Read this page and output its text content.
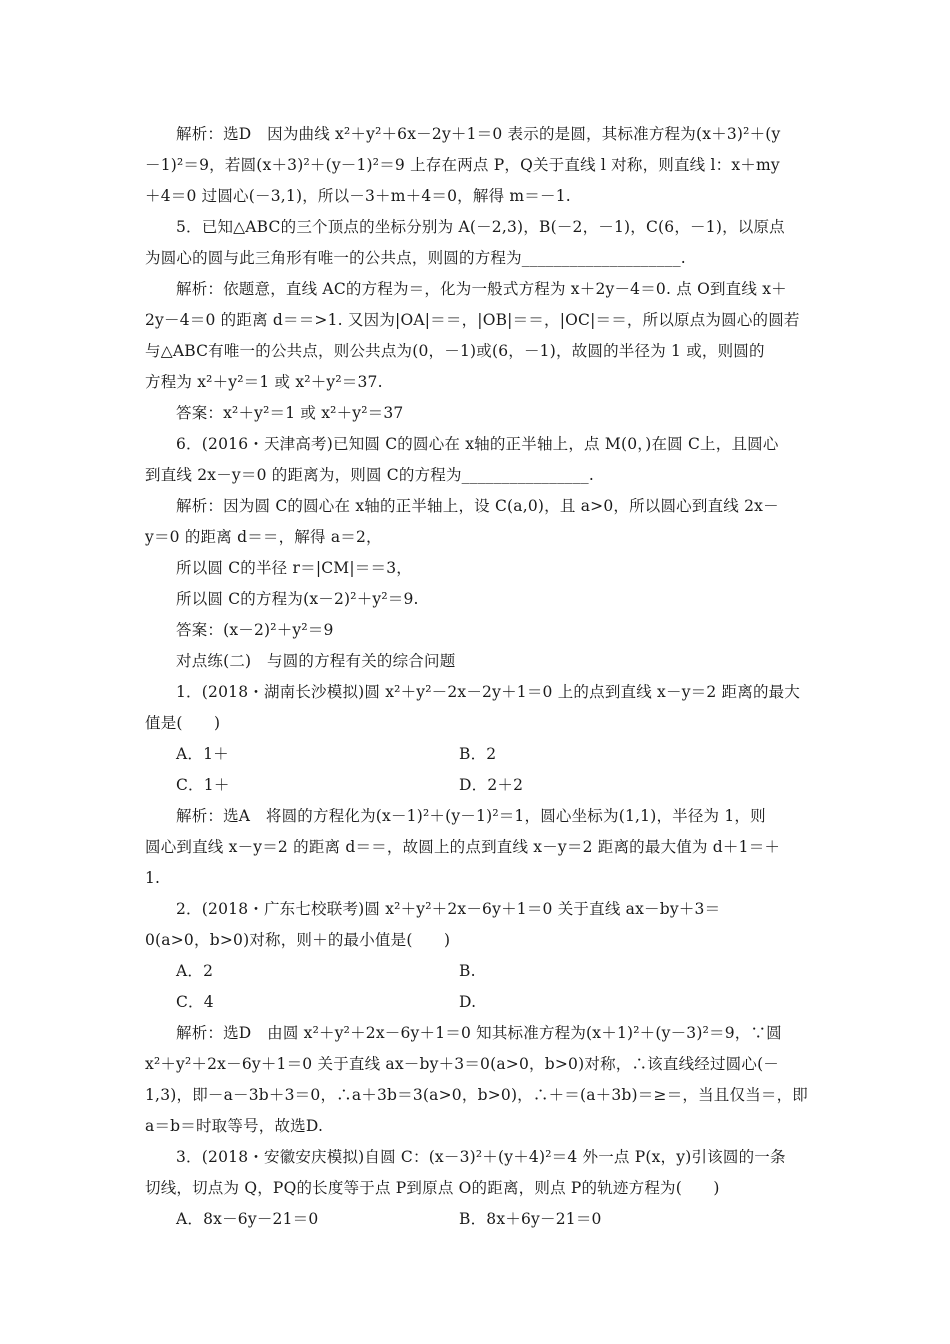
解析：选D　因为曲线 x²＋y²＋6x－2y＋1＝0 表示的是圆，其标准方程为(x＋3)²＋(y
－1)²＝9，若圆(x＋3)²＋(y－1)²＝9 上存在两点 P，Q关于直线 l 对称，则直线 l：x＋my
＋4＝0 过圆心(－3,1)，所以－3＋m＋4＝0，解得 m＝－1.
5．已知△ABC的三个顶点的坐标分别为 A(－2,3)，B(－2，－1)，C(6，－1)，以原点
为圆心的圆与此三角形有唯一的公共点，则圆的方程为____________________.
解析：依题意，直线 AC的方程为＝，化为一般式方程为 x＋2y－4＝0. 点 O到直线 x＋
2y－4＝0 的距离 d＝＝>1. 又因为|OA|＝＝，|OB|＝＝，|OC|＝＝，所以原点为圆心的圆若
与△ABC有唯一的公共点，则公共点为(0，－1)或(6，－1)，故圆的半径为 1 或，则圆的
方程为 x²＋y²＝1 或 x²＋y²＝37.
答案：x²＋y²＝1 或 x²＋y²＝37
6．(2016・天津高考)已知圆 C的圆心在 x轴的正半轴上，点 M(0，)在圆 C上，且圆心
到直线 2x－y＝0 的距离为，则圆 C的方程为________________.
解析：因为圆 C的圆心在 x轴的正半轴上，设 C(a,0)，且 a>0，所以圆心到直线 2x－
y＝0 的距离 d＝＝，解得 a＝2，
所以圆 C的半径 r＝|CM|＝＝3，
所以圆 C的方程为(x－2)²＋y²＝9.
答案：(x－2)²＋y²＝9
对点练(二)　与圆的方程有关的综合问题
1．(2018・湖南长沙模拟)圆 x²＋y²－2x－2y＋1＝0 上的点到直线 x－y＝2 距离的最大
值是(　　)
A．1＋	B．2
C．1＋	D．2＋2
解析：选A　将圆的方程化为(x－1)²＋(y－1)²＝1，圆心坐标为(1,1)，半径为 1，则
圆心到直线 x－y＝2 的距离 d＝＝，故圆上的点到直线 x－y＝2 距离的最大值为 d＋1＝＋
1.
2．(2018・广东七校联考)圆 x²＋y²＋2x－6y＋1＝0 关于直线 ax－by＋3＝
0(a>0，b>0)对称，则＋的最小值是(　　)
A．2	B.
C．4	D.
解析：选D　由圆 x²＋y²＋2x－6y＋1＝0 知其标准方程为(x＋1)²＋(y－3)²＝9，∵圆
x²＋y²＋2x－6y＋1＝0 关于直线 ax－by＋3＝0(a>0，b>0)对称，∴该直线经过圆心(－
1,3)，即－a－3b＋3＝0，∴a＋3b＝3(a>0，b>0)，∴＋＝(a＋3b)＝≥＝，当且仅当＝，即
a＝b＝时取等号，故选D.
3．(2018・安徽安庆模拟)自圆 C：(x－3)²＋(y＋4)²＝4 外一点 P(x，y)引该圆的一条
切线，切点为 Q，PQ的长度等于点 P到原点 O的距离，则点 P的轨迹方程为(　　)
A．8x－6y－21＝0	B．8x＋6y－21＝0
